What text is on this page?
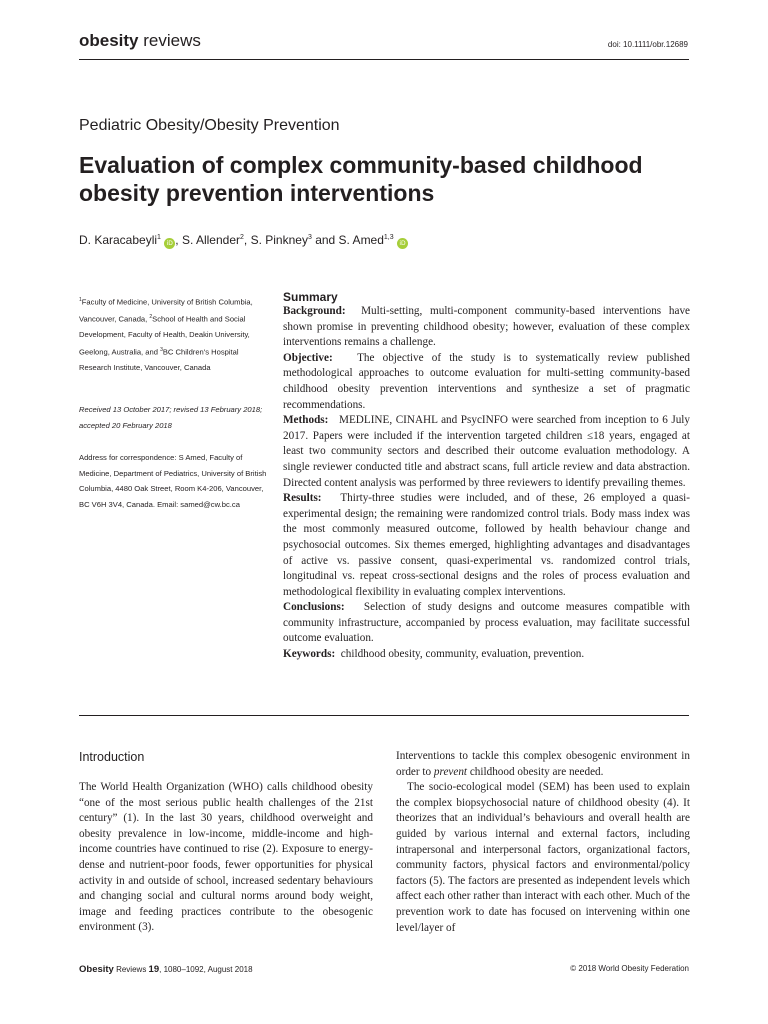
obesity reviews	doi: 10.1111/obr.12689
Pediatric Obesity/Obesity Prevention
Evaluation of complex community-based childhood obesity prevention interventions
D. Karacabeyli$^1$ iD , S. Allender$^2$, S. Pinkney$^3$ and S. Amed$^{1,3}$ iD
$^1$Faculty of Medicine, University of British Columbia, Vancouver, Canada, $^2$School of Health and Social Development, Faculty of Health, Deakin University, Geelong, Australia, and $^3$BC Children's Hospital Research Institute, Vancouver, Canada
Received 13 October 2017; revised 13 February 2018; accepted 20 February 2018
Address for correspondence: S Amed, Faculty of Medicine, Department of Pediatrics, University of British Columbia, 4480 Oak Street, Room K4-206, Vancouver, BC V6H 3V4, Canada. Email: samed@cw.bc.ca
Summary

Background: Multi-setting, multi-component community-based interventions have shown promise in preventing childhood obesity; however, evaluation of these complex interventions remains a challenge.

Objective: The objective of the study is to systematically review published methodological approaches to outcome evaluation for multi-setting community-based childhood obesity prevention interventions and synthesize a set of pragmatic recommendations.

Methods: MEDLINE, CINAHL and PsycINFO were searched from inception to 6 July 2017. Papers were included if the intervention targeted children ≤18 years, engaged at least two community sectors and described their outcome evaluation methodology. A single reviewer conducted title and abstract scans, full article review and data abstraction. Directed content analysis was performed by three reviewers to identify prevailing themes.

Results: Thirty-three studies were included, and of these, 26 employed a quasi-experimental design; the remaining were randomized control trials. Body mass index was the most commonly measured outcome, followed by health behaviour change and psychosocial outcomes. Six themes emerged, highlighting advantages and disadvantages of active vs. passive consent, quasi-experimental vs. randomized control trials, longitudinal vs. repeat cross-sectional designs and the roles of process evaluation and methodological flexibility in evaluating complex interventions.

Conclusions: Selection of study designs and outcome measures compatible with community infrastructure, accompanied by process evaluation, may facilitate successful outcome evaluation.

Keywords: childhood obesity, community, evaluation, prevention.

Introduction

The World Health Organization (WHO) calls childhood obesity “one of the most serious public health challenges of the 21st century” (1). In the last 30 years, childhood overweight and obesity prevalence in low-income, middle-income and high-income countries have continued to rise (2). Exposure to energy-dense and nutrient-poor foods, fewer opportunities for physical activity in and outside of school, increased sedentary behaviours and changing social and cultural norms around body weight, image and feeding practices contribute to the obesogenic environment (3).

Interventions to tackle this complex obesogenic environment in order to prevent childhood obesity are needed.

The socio-ecological model (SEM) has been used to explain the complex biopsychosocial nature of childhood obesity (4). It theorizes that an individual’s behaviours and overall health are guided by various internal and external factors, including intrapersonal and interpersonal factors, organizational factors, community factors, physical factors and environmental/policy factors (5). The factors are presented as independent levels which affect each other rather than interact with each other. Much of the prevention work to date has focused on intervening within one level/layer of

Obesity Reviews 19, 1080–1092, August 2018	© 2018 World Obesity Federation
